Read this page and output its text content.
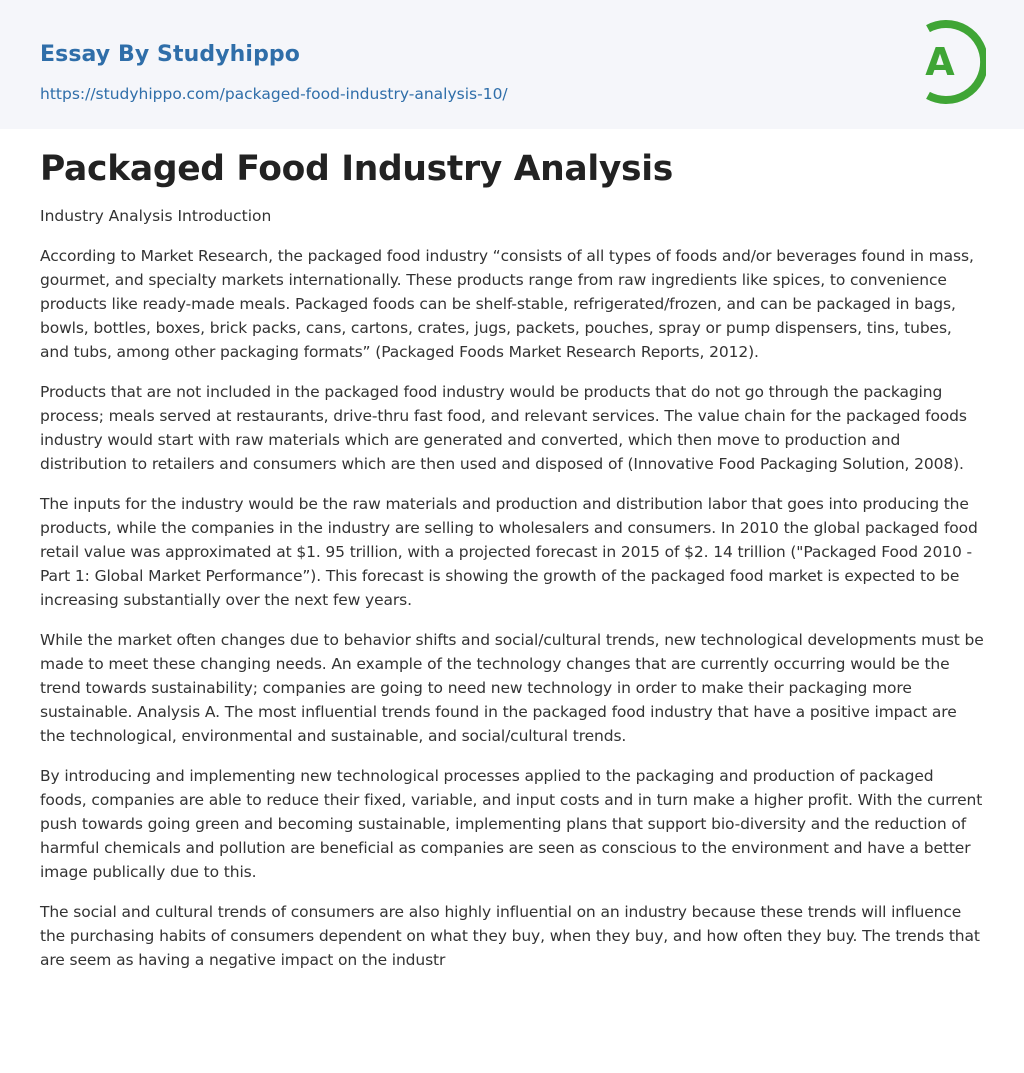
Essay By Studyhippo
https://studyhippo.com/packaged-food-industry-analysis-10/
A
Packaged Food Industry Analysis
Industry Analysis Introduction

According to Market Research, the packaged food industry “consists of all types of foods and/or beverages found in mass, gourmet, and specialty markets internationally. These products range from raw ingredients like spices, to convenience products like ready-made meals. Packaged foods can be shelf-stable, refrigerated/frozen, and can be packaged in bags, bowls, bottles, boxes, brick packs, cans, cartons, crates, jugs, packets, pouches, spray or pump dispensers, tins, tubes, and tubs, among other packaging formats” (Packaged Foods Market Research Reports, 2012).

Products that are not included in the packaged food industry would be products that do not go through the packaging process; meals served at restaurants, drive-thru fast food, and relevant services. The value chain for the packaged foods industry would start with raw materials which are generated and converted, which then move to production and distribution to retailers and consumers which are then used and disposed of (Innovative Food Packaging Solution, 2008).

The inputs for the industry would be the raw materials and production and distribution labor that goes into producing the products, while the companies in the industry are selling to wholesalers and consumers. In 2010 the global packaged food retail value was approximated at $1. 95 trillion, with a projected forecast in 2015 of $2. 14 trillion ("Packaged Food 2010 - Part 1: Global Market Performance”). This forecast is showing the growth of the packaged food market is expected to be increasing substantially over the next few years.

While the market often changes due to behavior shifts and social/cultural trends, new technological developments must be made to meet these changing needs. An example of the technology changes that are currently occurring would be the trend towards sustainability; companies are going to need new technology in order to make their packaging more sustainable. Analysis A. The most influential trends found in the packaged food industry that have a positive impact are the technological, environmental and sustainable, and social/cultural trends.

By introducing and implementing new technological processes applied to the packaging and production of packaged foods, companies are able to reduce their fixed, variable, and input costs and in turn make a higher profit. With the current push towards going green and becoming sustainable, implementing plans that support bio-diversity and the reduction of harmful chemicals and pollution are beneficial as companies are seen as conscious to the environment and have a better image publically due to this.

The social and cultural trends of consumers are also highly influential on an industry because these trends will influence the purchasing habits of consumers dependent on what they buy, when they buy, and how often they buy. The trends that are seem as having a negative impact on the industr
